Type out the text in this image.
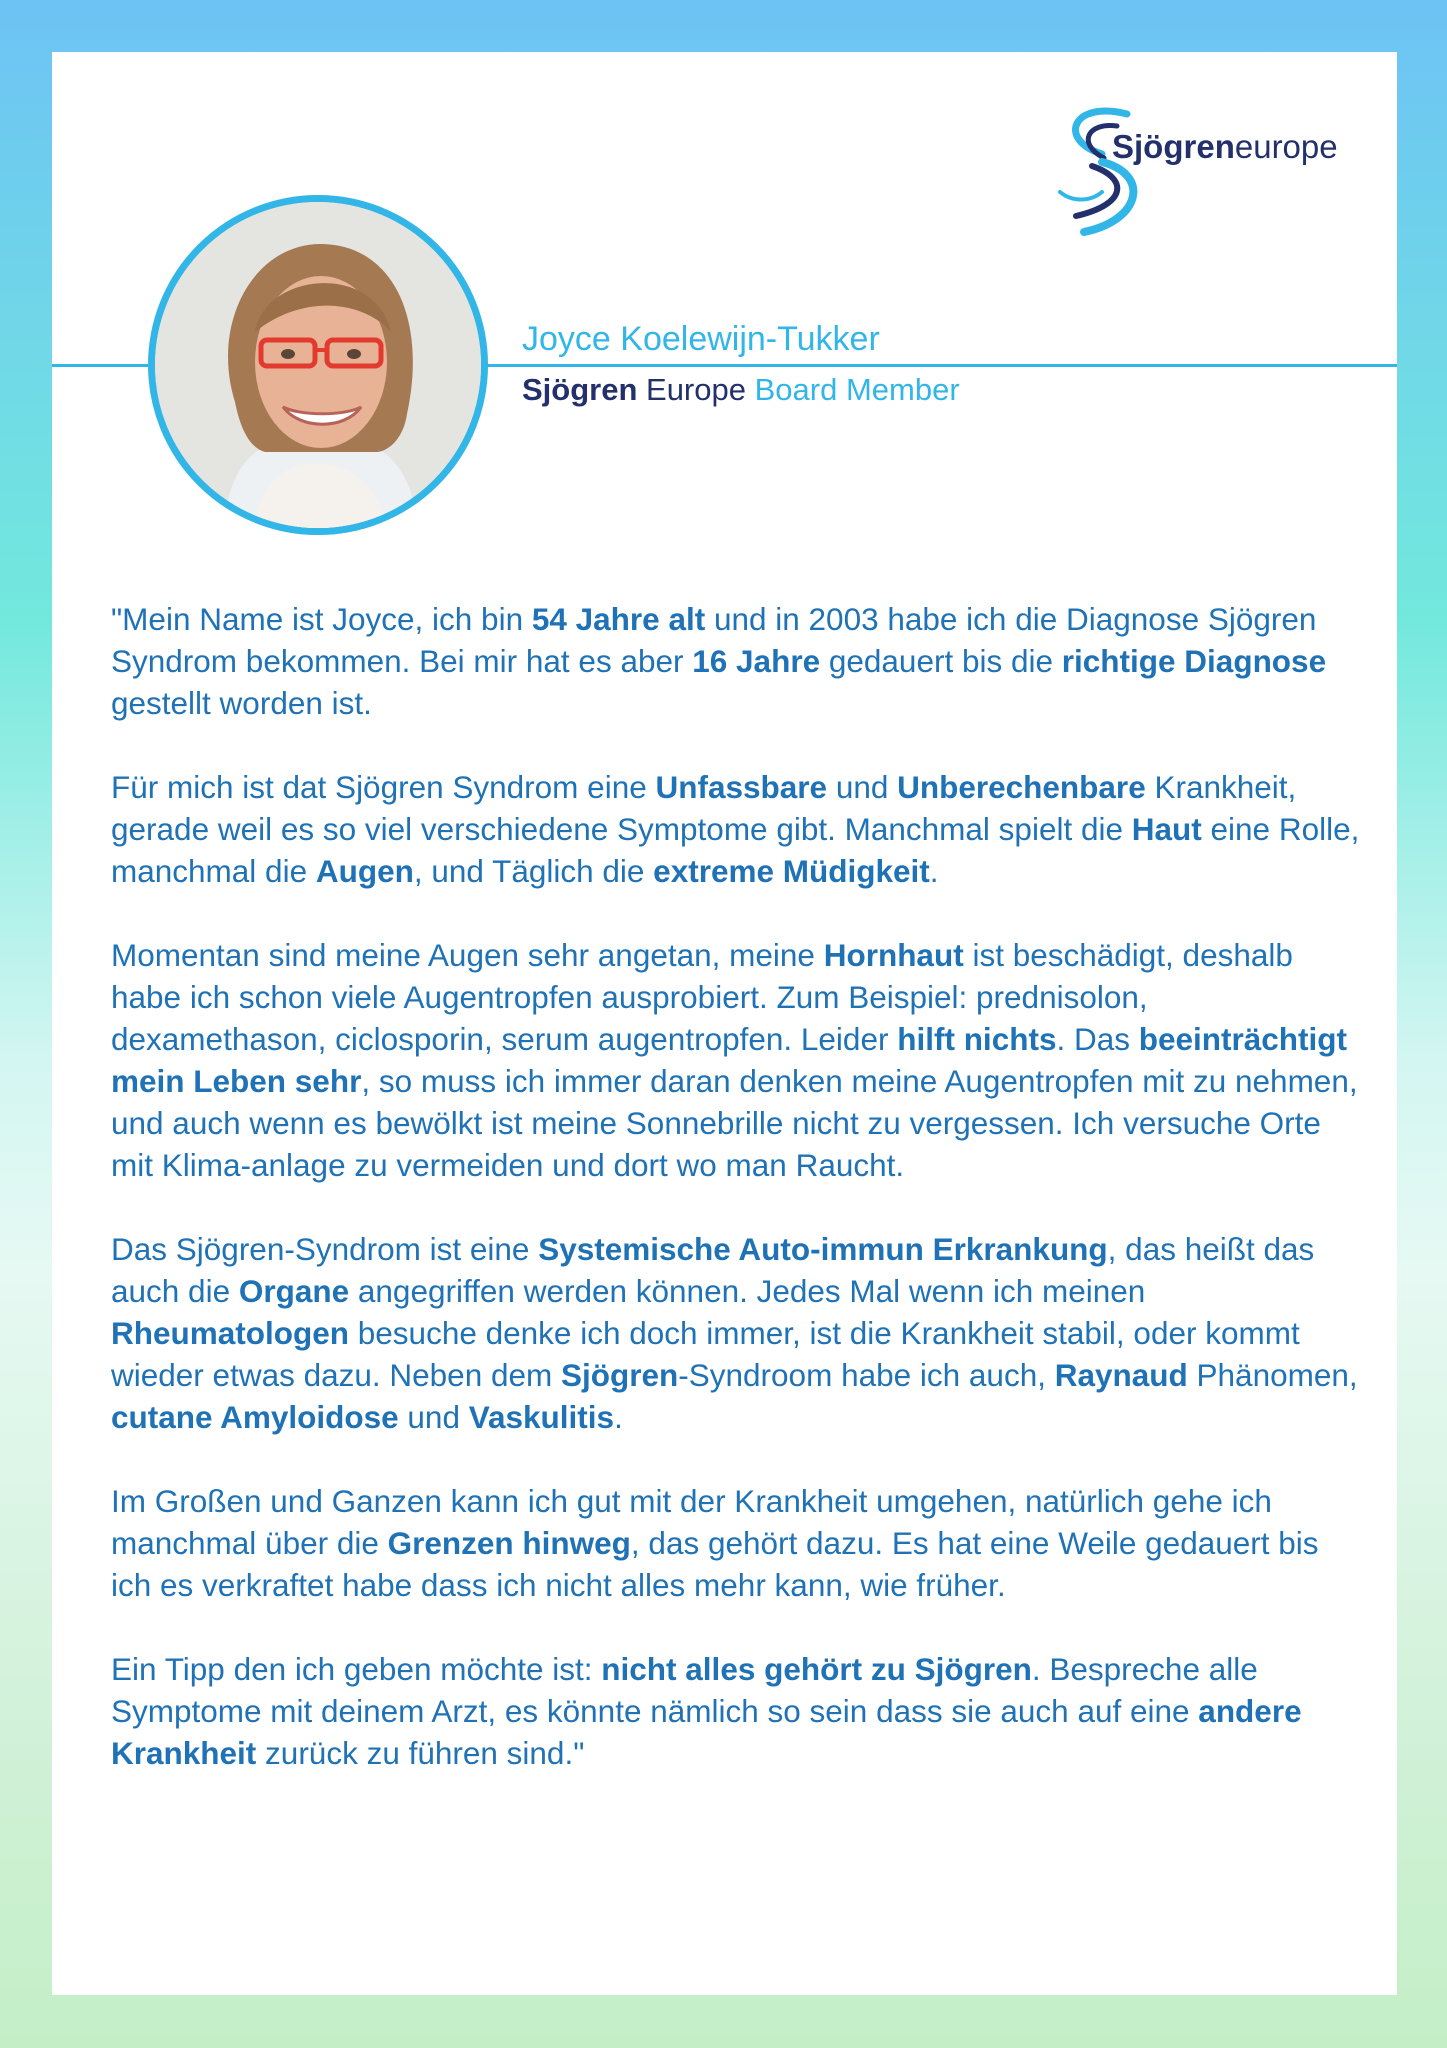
Sjögreneurope
Joyce Koelewijn-Tukker
Sjögren Europe Board Member

"Mein Name ist Joyce, ich bin 54 Jahre alt und in 2003 habe ich die Diagnose Sjögren Syndrom bekommen. Bei mir hat es aber 16 Jahre gedauert bis die richtige Diagnose gestellt worden ist.

Für mich ist dat Sjögren Syndrom eine Unfassbare und Unberechenbare Krankheit, gerade weil es so viel verschiedene Symptome gibt. Manchmal spielt die Haut eine Rolle, manchmal die Augen, und Täglich die extreme Müdigkeit.

Momentan sind meine Augen sehr angetan, meine Hornhaut ist beschädigt, deshalb habe ich schon viele Augentropfen ausprobiert. Zum Beispiel: prednisolon, dexamethason, ciclosporin, serum augentropfen. Leider hilft nichts. Das beeinträchtigt mein Leben sehr, so muss ich immer daran denken meine Augentropfen mit zu nehmen, und auch wenn es bewölkt ist meine Sonnebrille nicht zu vergessen. Ich versuche Orte mit Klima-anlage zu vermeiden und dort wo man Raucht.

Das Sjögren-Syndrom ist eine Systemische Auto-immun Erkrankung, das heißt das auch die Organe angegriffen werden können. Jedes Mal wenn ich meinen Rheumatologen besuche denke ich doch immer, ist die Krankheit stabil, oder kommt wieder etwas dazu. Neben dem Sjögren-Syndroom habe ich auch, Raynaud Phänomen, cutane Amyloidose und Vaskulitis.

Im Großen und Ganzen kann ich gut mit der Krankheit umgehen, natürlich gehe ich manchmal über die Grenzen hinweg, das gehört dazu. Es hat eine Weile gedauert bis ich es verkraftet habe dass ich nicht alles mehr kann, wie früher.

Ein Tipp den ich geben möchte ist: nicht alles gehört zu Sjögren. Bespreche alle Symptome mit deinem Arzt, es könnte nämlich so sein dass sie auch auf eine andere Krankheit zurück zu führen sind."
